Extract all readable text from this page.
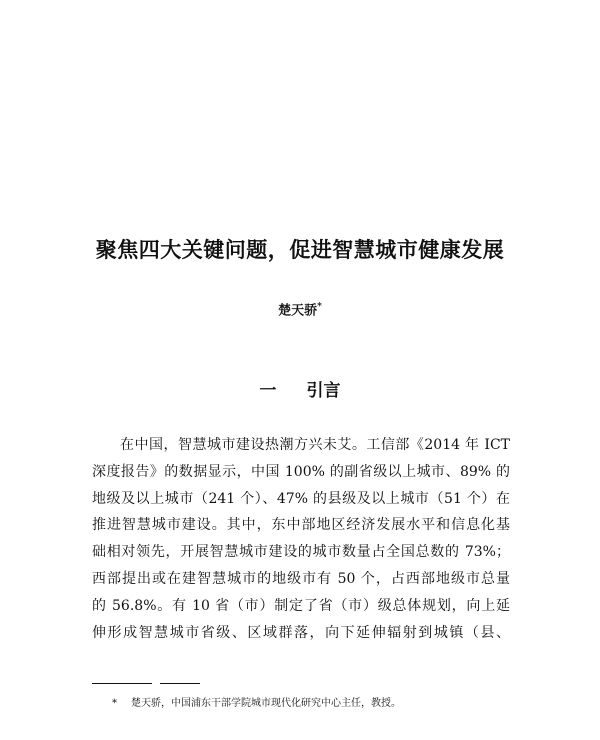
聚焦四大关键问题，促进智慧城市健康发展
楚天骄*
一 引言
在中国，智慧城市建设热潮方兴未艾。工信部《2014 年 ICT
深度报告》的数据显示，中国 100% 的副省级以上城市、89% 的
地级及以上城市（241 个）、47% 的县级及以上城市（51 个）在
推进智慧城市建设。其中，东中部地区经济发展水平和信息化基
础相对领先，开展智慧城市建设的城市数量占全国总数的 73%；
西部提出或在建智慧城市的地级市有 50 个，占西部地级市总量
的 56.8%。有 10 省（市）制定了省（市）级总体规划，向上延
伸形成智慧城市省级、区域群落，向下延伸辐射到城镇（县、
* 楚天骄，中国浦东干部学院城市现代化研究中心主任，教授。
